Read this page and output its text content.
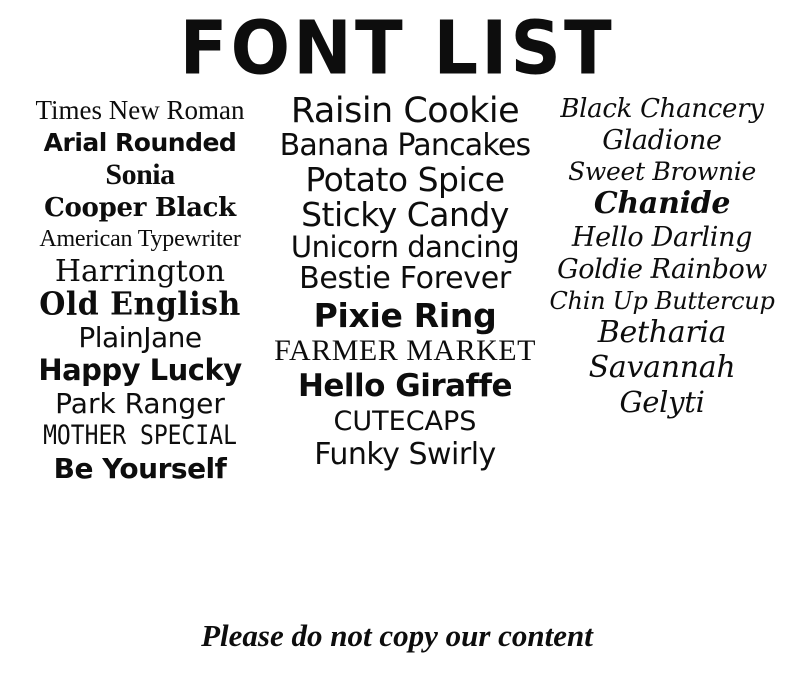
FONT LIST
Times New Roman
Arial Rounded
Sonia
Cooper Black
American Typewriter
Harrington
Old English
PlainJane
Happy Lucky
Park Ranger
MOTHER SPECIAL
Be Yourself
Raisin Cookie
Banana Pancakes
Potato Spice
Sticky Candy
Unicorn dancing
Bestie Forever
Pixie Ring
FARMER MARKET
Hello Giraffe
CUTECAPS
Funky Swirly
Black Chancery
Gladione
Sweet Brownie
Chanide
Hello Darling
Goldie Rainbow
Chin Up Buttercup
Betharia
Savannah
Gelyti
Please do not copy our content
